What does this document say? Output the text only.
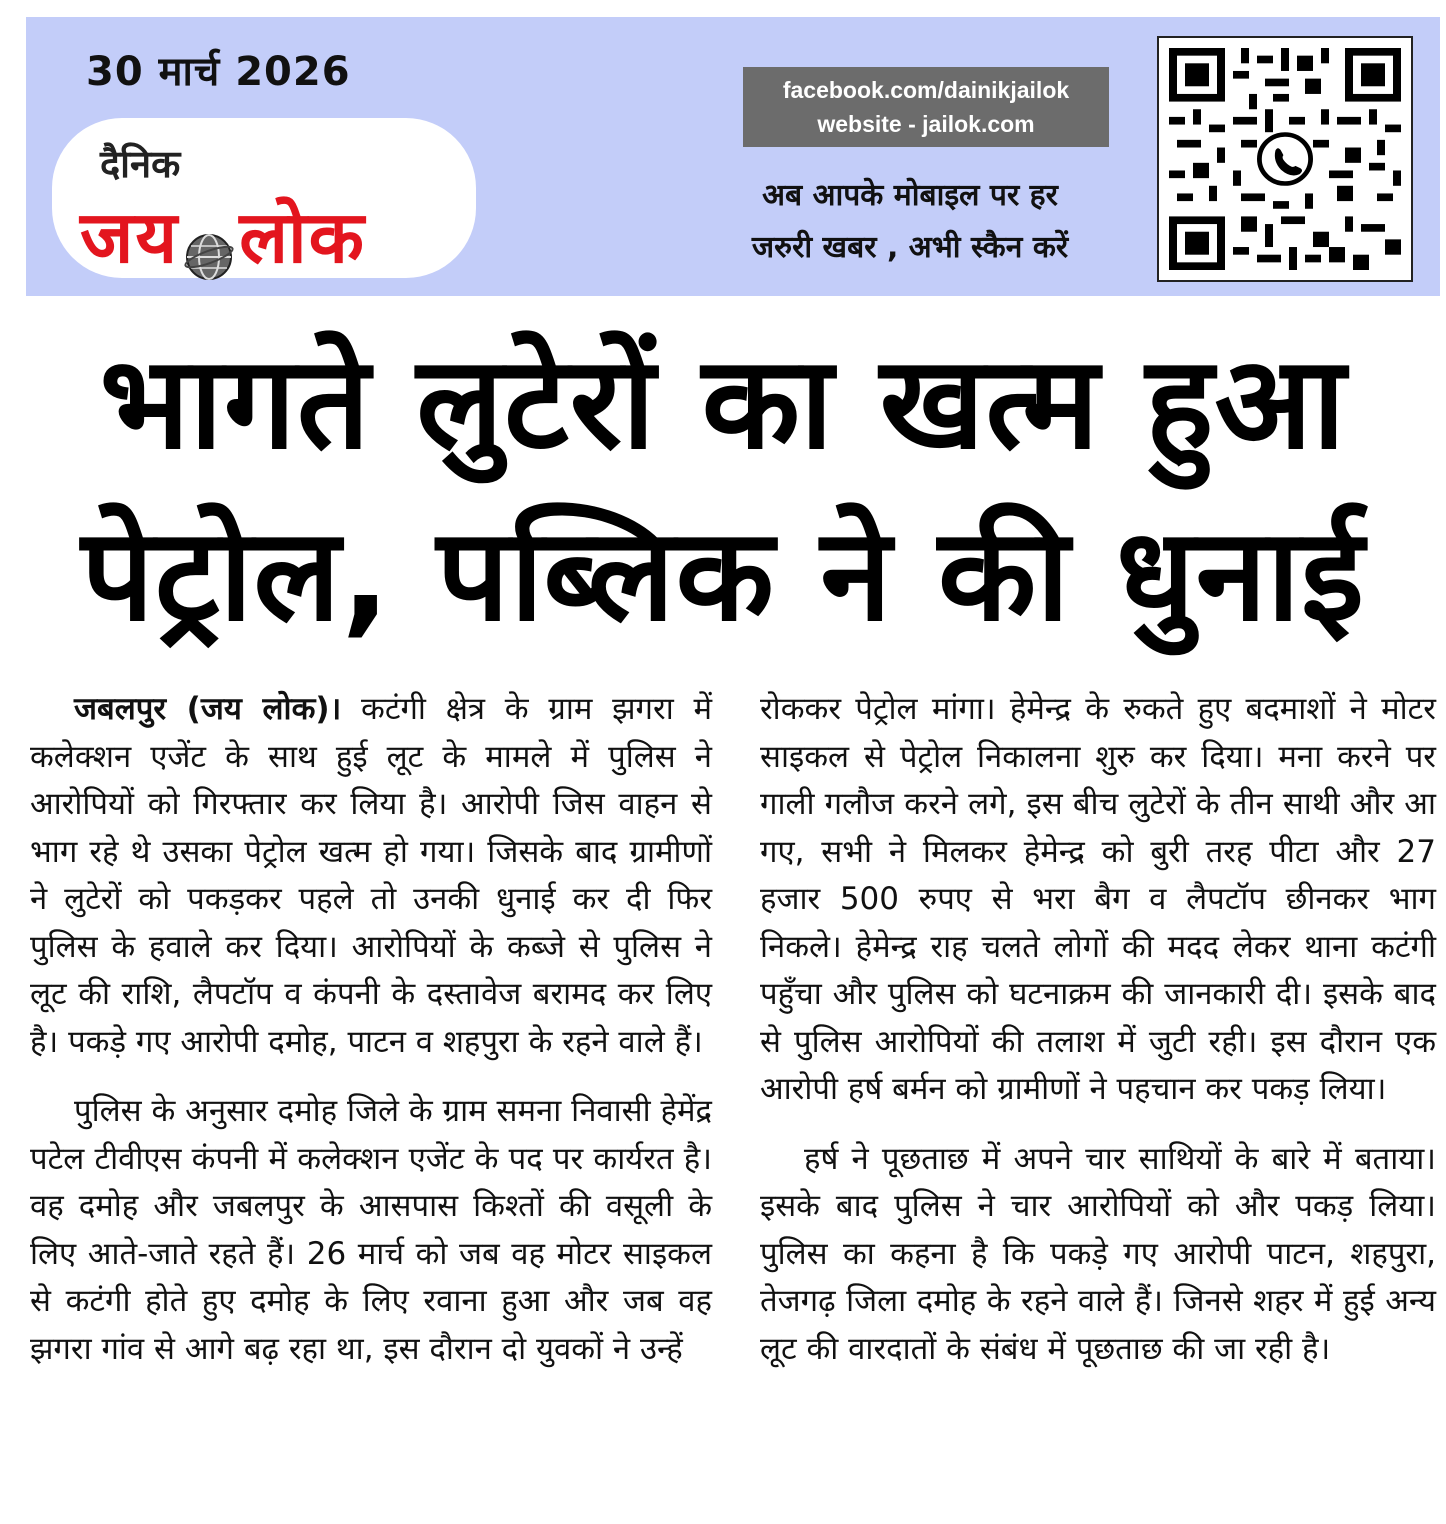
30 मार्च 2026
दैनिक
जय लोक
facebook.com/dainikjailok
website - jailok.com
अब आपके मोबाइल पर हर
जरुरी खबर , अभी स्कैन करें
भागते लुटेरों का खत्म हुआ
पेट्रोल, पब्लिक ने की धुनाई

जबलपुर (जय लोक)। कटंगी क्षेत्र के ग्राम झगरा में कलेक्शन एजेंट के साथ हुई लूट के मामले में पुलिस ने आरोपियों को गिरफ्तार कर लिया है। आरोपी जिस वाहन से भाग रहे थे उसका पेट्रोल खत्म हो गया। जिसके बाद ग्रामीणों ने लुटेरों को पकड़कर पहले तो उनकी धुनाई कर दी फिर पुलिस के हवाले कर दिया। आरोपियों के कब्जे से पुलिस ने लूट की राशि, लैपटॉप व कंपनी के दस्तावेज बरामद कर लिए है। पकड़े गए आरोपी दमोह, पाटन व शहपुरा के रहने वाले हैं।

पुलिस के अनुसार दमोह जिले के ग्राम समना निवासी हेमेंद्र पटेल टीवीएस कंपनी में कलेक्शन एजेंट के पद पर कार्यरत है। वह दमोह और जबलपुर के आसपास किश्तों की वसूली के लिए आते-जाते रहते हैं। 26 मार्च को जब वह मोटर साइकल से कटंगी होते हुए दमोह के लिए रवाना हुआ और जब वह झगरा गांव से आगे बढ़ रहा था, इस दौरान दो युवकों ने उन्हें

रोककर पेट्रोल मांगा। हेमेन्द्र के रुकते हुए बदमाशों ने मोटर साइकल से पेट्रोल निकालना शुरु कर दिया। मना करने पर गाली गलौज करने लगे, इस बीच लुटेरों के तीन साथी और आ गए, सभी ने मिलकर हेमेन्द्र को बुरी तरह पीटा और 27 हजार 500 रुपए से भरा बैग व लैपटॉप छीनकर भाग निकले। हेमेन्द्र राह चलते लोगों की मदद लेकर थाना कटंगी पहुँचा और पुलिस को घटनाक्रम की जानकारी दी। इसके बाद से पुलिस आरोपियों की तलाश में जुटी रही। इस दौरान एक आरोपी हर्ष बर्मन को ग्रामीणों ने पहचान कर पकड़ लिया।

हर्ष ने पूछताछ में अपने चार साथियों के बारे में बताया। इसके बाद पुलिस ने चार आरोपियों को और पकड़ लिया। पुलिस का कहना है कि पकड़े गए आरोपी पाटन, शहपुरा, तेजगढ़ जिला दमोह के रहने वाले हैं। जिनसे शहर में हुई अन्य लूट की वारदातों के संबंध में पूछताछ की जा रही है।
